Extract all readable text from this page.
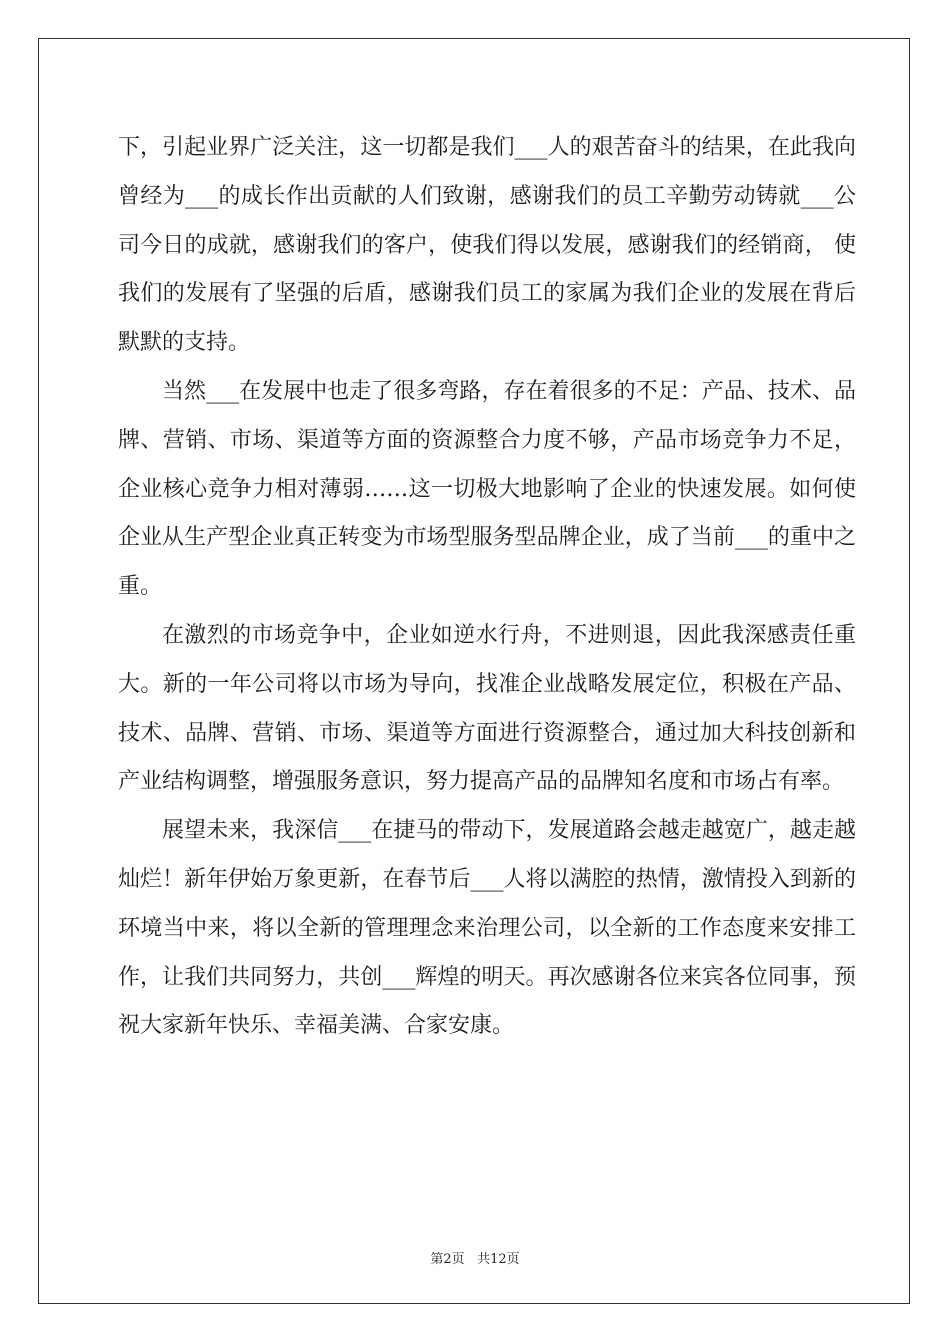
下，引起业界广泛关注，这一切都是我们___人的艰苦奋斗的结果，在此我向曾经为___的成长作出贡献的人们致谢，感谢我们的员工辛勤劳动铸就___公司今日的成就，感谢我们的客户，使我们得以发展，感谢我们的经销商， 使我们的发展有了坚强的后盾，感谢我们员工的家属为我们企业的发展在背后默默的支持。

当然___在发展中也走了很多弯路，存在着很多的不足：产品、技术、品牌、营销、市场、渠道等方面的资源整合力度不够，产品市场竞争力不足，企业核心竞争力相对薄弱……这一切极大地影响了企业的快速发展。如何使企业从生产型企业真正转变为市场型服务型品牌企业，成了当前___的重中之重。

在激烈的市场竞争中，企业如逆水行舟，不进则退，因此我深感责任重大。新的一年公司将以市场为导向，找准企业战略发展定位，积极在产品、技术、品牌、营销、市场、渠道等方面进行资源整合，通过加大科技创新和产业结构调整，增强服务意识，努力提高产品的品牌知名度和市场占有率。

展望未来，我深信___在捷马的带动下，发展道路会越走越宽广，越走越灿烂！新年伊始万象更新，在春节后___人将以满腔的热情，激情投入到新的环境当中来，将以全新的管理理念来治理公司，以全新的工作态度来安排工作，让我们共同努力，共创___辉煌的明天。再次感谢各位来宾各位同事，预祝大家新年快乐、幸福美满、合家安康。

第2页 共12页
